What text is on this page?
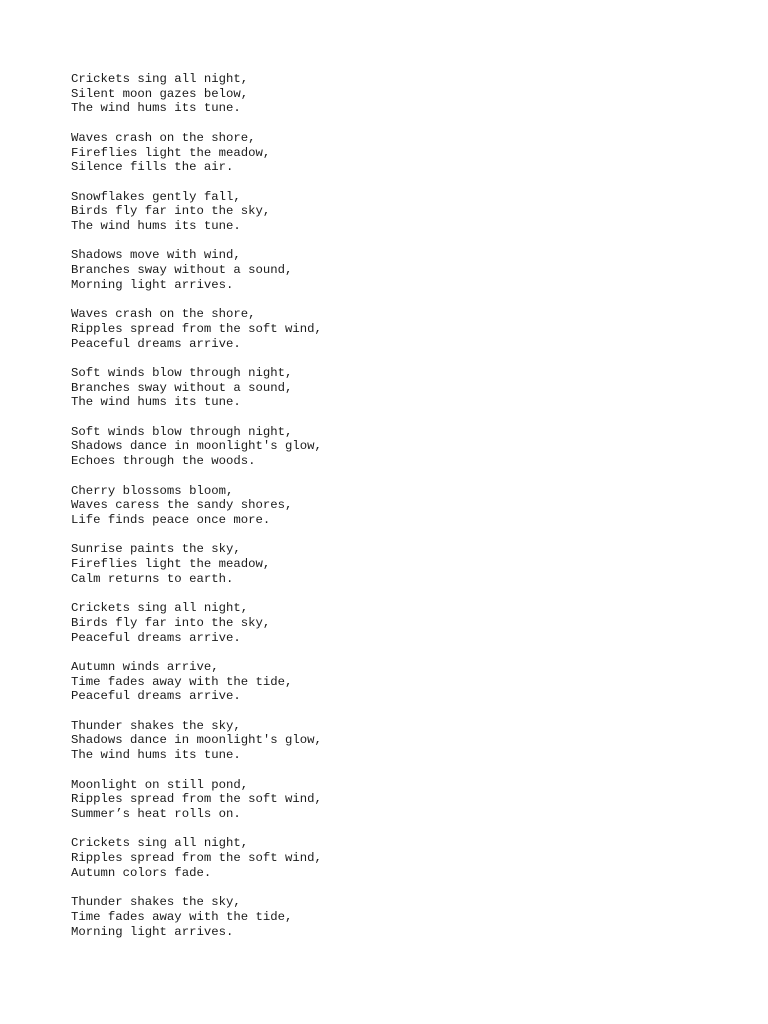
Crickets sing all night,
Silent moon gazes below,
The wind hums its tune.
Waves crash on the shore,
Fireflies light the meadow,
Silence fills the air.
Snowflakes gently fall,
Birds fly far into the sky,
The wind hums its tune.
Shadows move with wind,
Branches sway without a sound,
Morning light arrives.
Waves crash on the shore,
Ripples spread from the soft wind,
Peaceful dreams arrive.
Soft winds blow through night,
Branches sway without a sound,
The wind hums its tune.
Soft winds blow through night,
Shadows dance in moonlight's glow,
Echoes through the woods.
Cherry blossoms bloom,
Waves caress the sandy shores,
Life finds peace once more.
Sunrise paints the sky,
Fireflies light the meadow,
Calm returns to earth.
Crickets sing all night,
Birds fly far into the sky,
Peaceful dreams arrive.
Autumn winds arrive,
Time fades away with the tide,
Peaceful dreams arrive.
Thunder shakes the sky,
Shadows dance in moonlight's glow,
The wind hums its tune.
Moonlight on still pond,
Ripples spread from the soft wind,
Summer’s heat rolls on.
Crickets sing all night,
Ripples spread from the soft wind,
Autumn colors fade.
Thunder shakes the sky,
Time fades away with the tide,
Morning light arrives.
